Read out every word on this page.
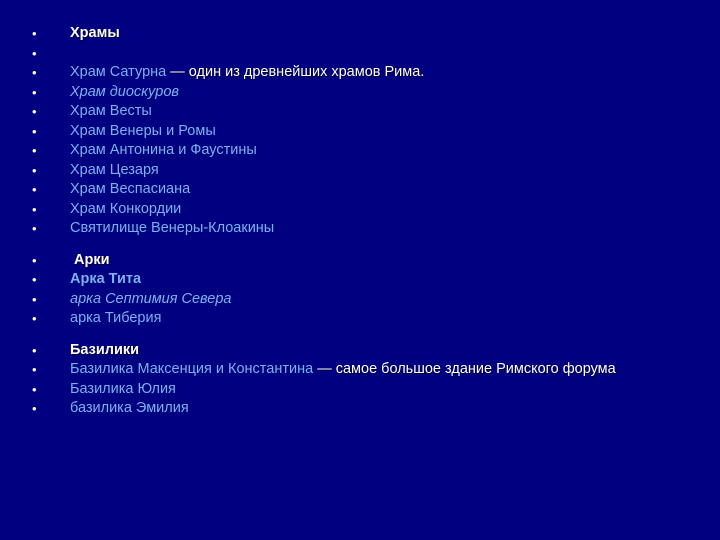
• Храмы
•
• Храм Сатурна — один из древнейших храмов Рима.
• Храм диоскуров
• Храм Весты
• Храм Венеры и Ромы
• Храм Антонина и Фаустины
• Храм Цезаря
• Храм Веспасиана
• Храм Конкордии
• Святилище Венеры-Клоакины
•	Арки
• Арка Тита
• арка Септимия Севера
• арка Тиберия
• Базилики
• Базилика Максенция и Константина — самое большое здание Римского форума
• Базилика Юлия
• базилика Эмилия
